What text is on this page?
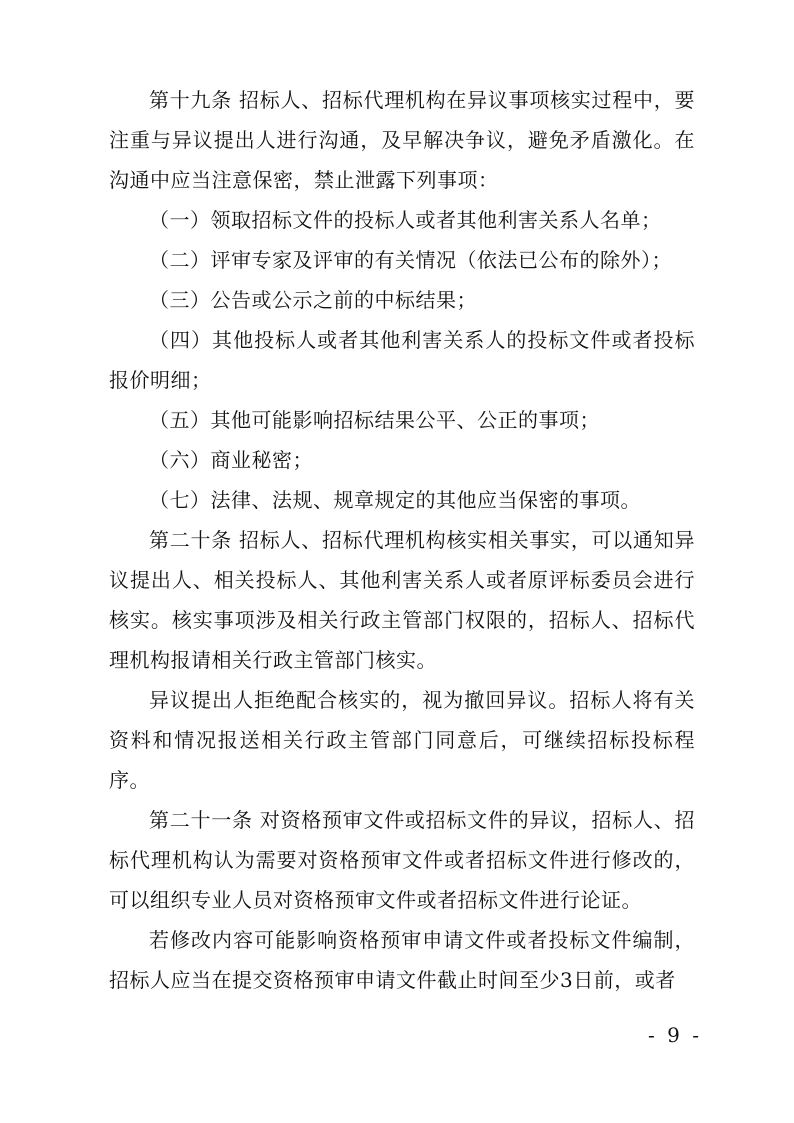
第十九条 招标人、招标代理机构在异议事项核实过程中，要注重与异议提出人进行沟通，及早解决争议，避免矛盾激化。在沟通中应当注意保密，禁止泄露下列事项：

（一）领取招标文件的投标人或者其他利害关系人名单；

（二）评审专家及评审的有关情况（依法已公布的除外）；

（三）公告或公示之前的中标结果；

（四）其他投标人或者其他利害关系人的投标文件或者投标报价明细；

（五）其他可能影响招标结果公平、公正的事项；

（六）商业秘密；

（七）法律、法规、规章规定的其他应当保密的事项。

第二十条 招标人、招标代理机构核实相关事实，可以通知异议提出人、相关投标人、其他利害关系人或者原评标委员会进行核实。核实事项涉及相关行政主管部门权限的，招标人、招标代理机构报请相关行政主管部门核实。

异议提出人拒绝配合核实的，视为撤回异议。招标人将有关资料和情况报送相关行政主管部门同意后，可继续招标投标程序。

第二十一条 对资格预审文件或招标文件的异议，招标人、招标代理机构认为需要对资格预审文件或者招标文件进行修改的，可以组织专业人员对资格预审文件或者招标文件进行论证。

若修改内容可能影响资格预审申请文件或者投标文件编制，招标人应当在提交资格预审申请文件截止时间至少3日前，或者

- 9 -
